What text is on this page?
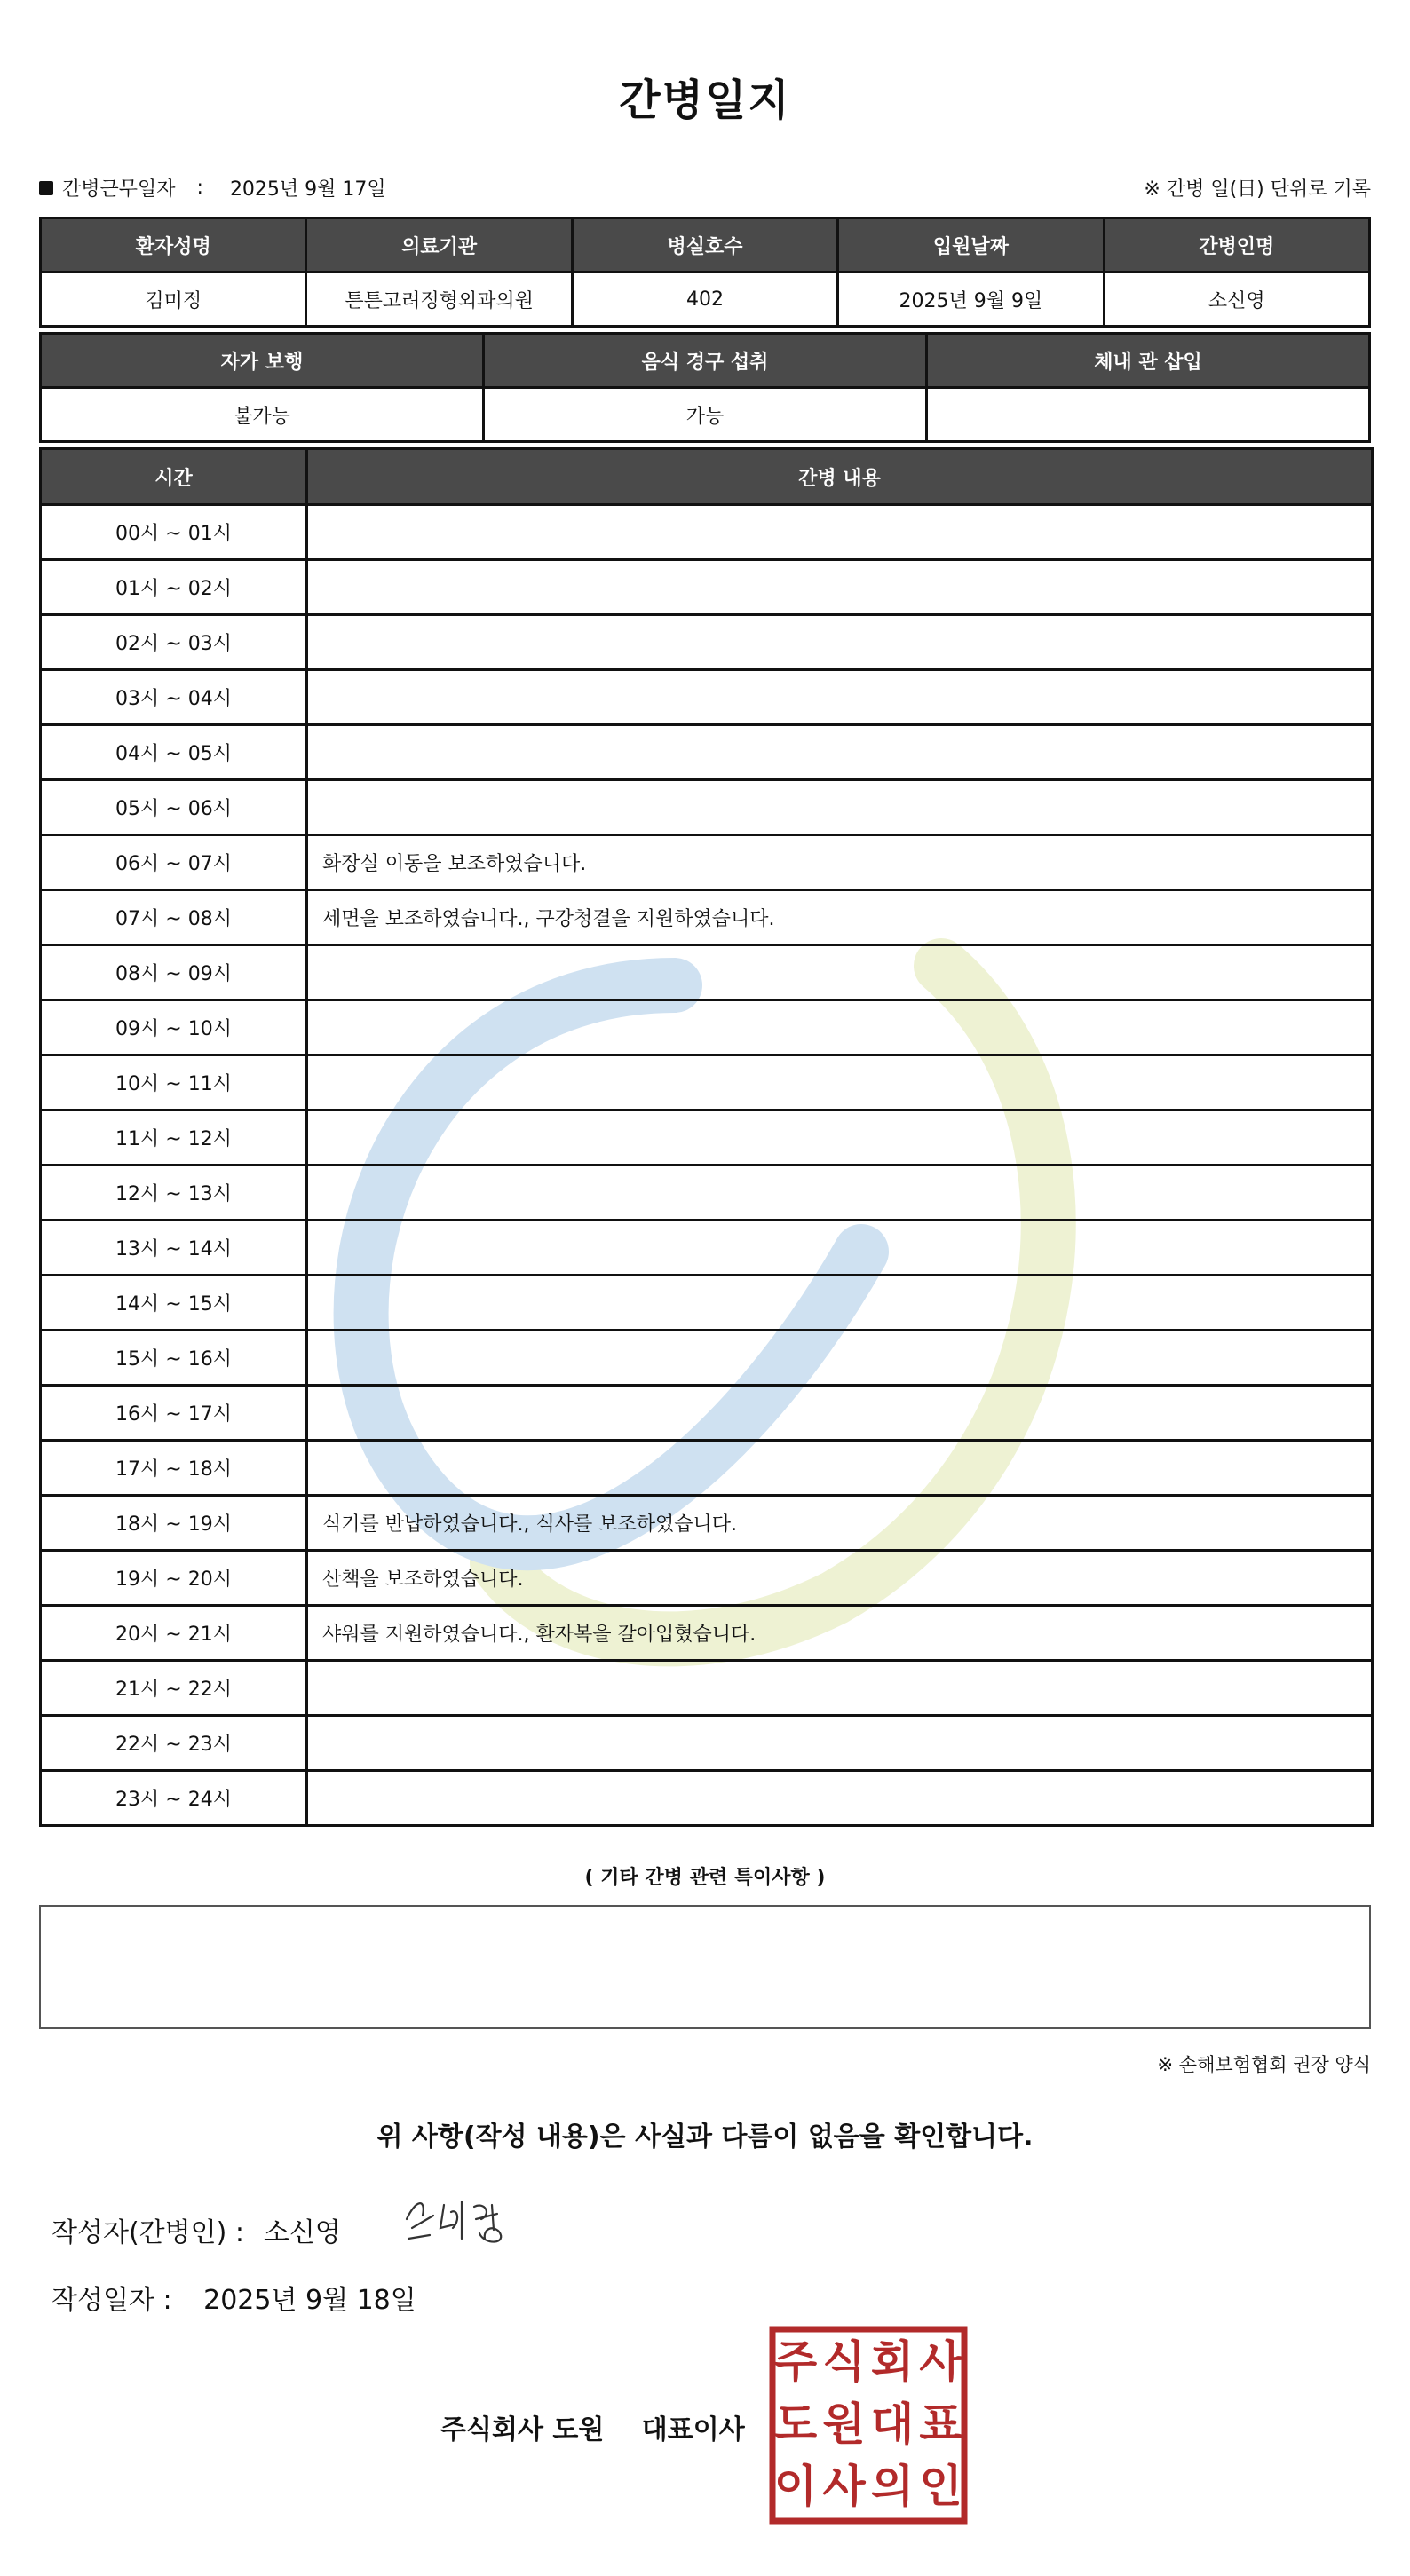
간병일지
간병근무일자 : 2025년 9월 17일	※ 간병 일(日) 단위로 기록
환자성명	의료기관	병실호수	입원날짜	간병인명
김미정	튼튼고려정형외과의원	402	2025년 9월 9일	소신영
자가 보행	음식 경구 섭취	체내 관 삽입
불가능	가능	
시간	간병 내용
00시 ~ 01시	
01시 ~ 02시	
02시 ~ 03시	
03시 ~ 04시	
04시 ~ 05시	
05시 ~ 06시	
06시 ~ 07시	화장실 이동을 보조하였습니다.
07시 ~ 08시	세면을 보조하였습니다., 구강청결을 지원하였습니다.
08시 ~ 09시	
09시 ~ 10시	
10시 ~ 11시	
11시 ~ 12시	
12시 ~ 13시	
13시 ~ 14시	
14시 ~ 15시	
15시 ~ 16시	
16시 ~ 17시	
17시 ~ 18시	
18시 ~ 19시	식기를 반납하였습니다., 식사를 보조하였습니다.
19시 ~ 20시	산책을 보조하였습니다.
20시 ~ 21시	샤워를 지원하였습니다., 환자복을 갈아입혔습니다.
21시 ~ 22시	
22시 ~ 23시	
23시 ~ 24시	
( 기타 간병 관련 특이사항 )
※ 손해보험협회 권장 양식
위 사항(작성 내용)은 사실과 다름이 없음을 확인합니다.
작성자(간병인) : 소신영
작성일자 : 2025년 9월 18일
주식회사 도원 대표이사
주 식 회 사
도 원 대 표
이 사 의 인
